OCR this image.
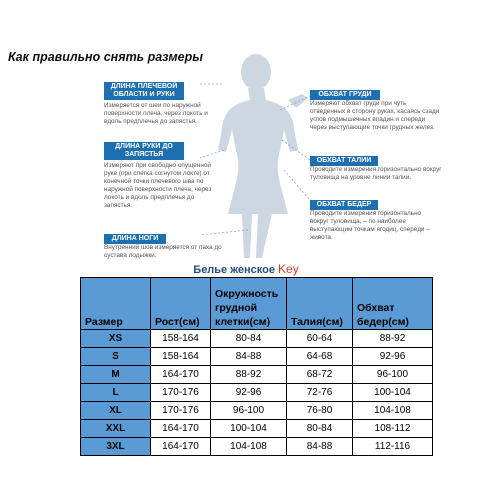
Как правильно снять размеры
ДЛИНА ПЛЕЧЕВОЙ ОБЛАСТИ И РУКИ
Измеряется от шеи по наружной поверхности плеча, через локоть и вдоль предплечья до запястья.
ДЛИНА РУКИ ДО ЗАПЯСТЬЯ
Измеряют при свободно опущенной руке (при слегка согнутом локте) от конечной точки плечевого шва по наружной поверхности плеча, через локоть и вдоль предплечья до запястья.
ДЛИНА НОГИ
Внутренний шов измеряется от паха до сустава лодыжки.
ОБХВАТ ГРУДИ
Измеряют обхват груди при чуть отведенных в сторону руках, касаясь сзади углов подмышечных впадин и спереди через выступающие точки грудных желез.
ОБХВАТ ТАЛИИ
Проводите измерения горизонтально вокруг туловища на уровне линии талии.
ОБХВАТ БЕДЕР
Проводите измерения горизонтально вокруг туловища, – по наиболее выступающим точкам ягодиц, спереди – живота.
Белье женское Key
Размер	Рост(см)	Окружность грудной клетки(см)	Талия(см)	Обхват бедер(см)
XS	158-164	80-84	60-64	88-92
S	158-164	84-88	64-68	92-96
M	164-170	88-92	68-72	96-100
L	170-176	92-96	72-76	100-104
XL	170-176	96-100	76-80	104-108
XXL	164-170	100-104	80-84	108-112
3XL	164-170	104-108	84-88	112-116
